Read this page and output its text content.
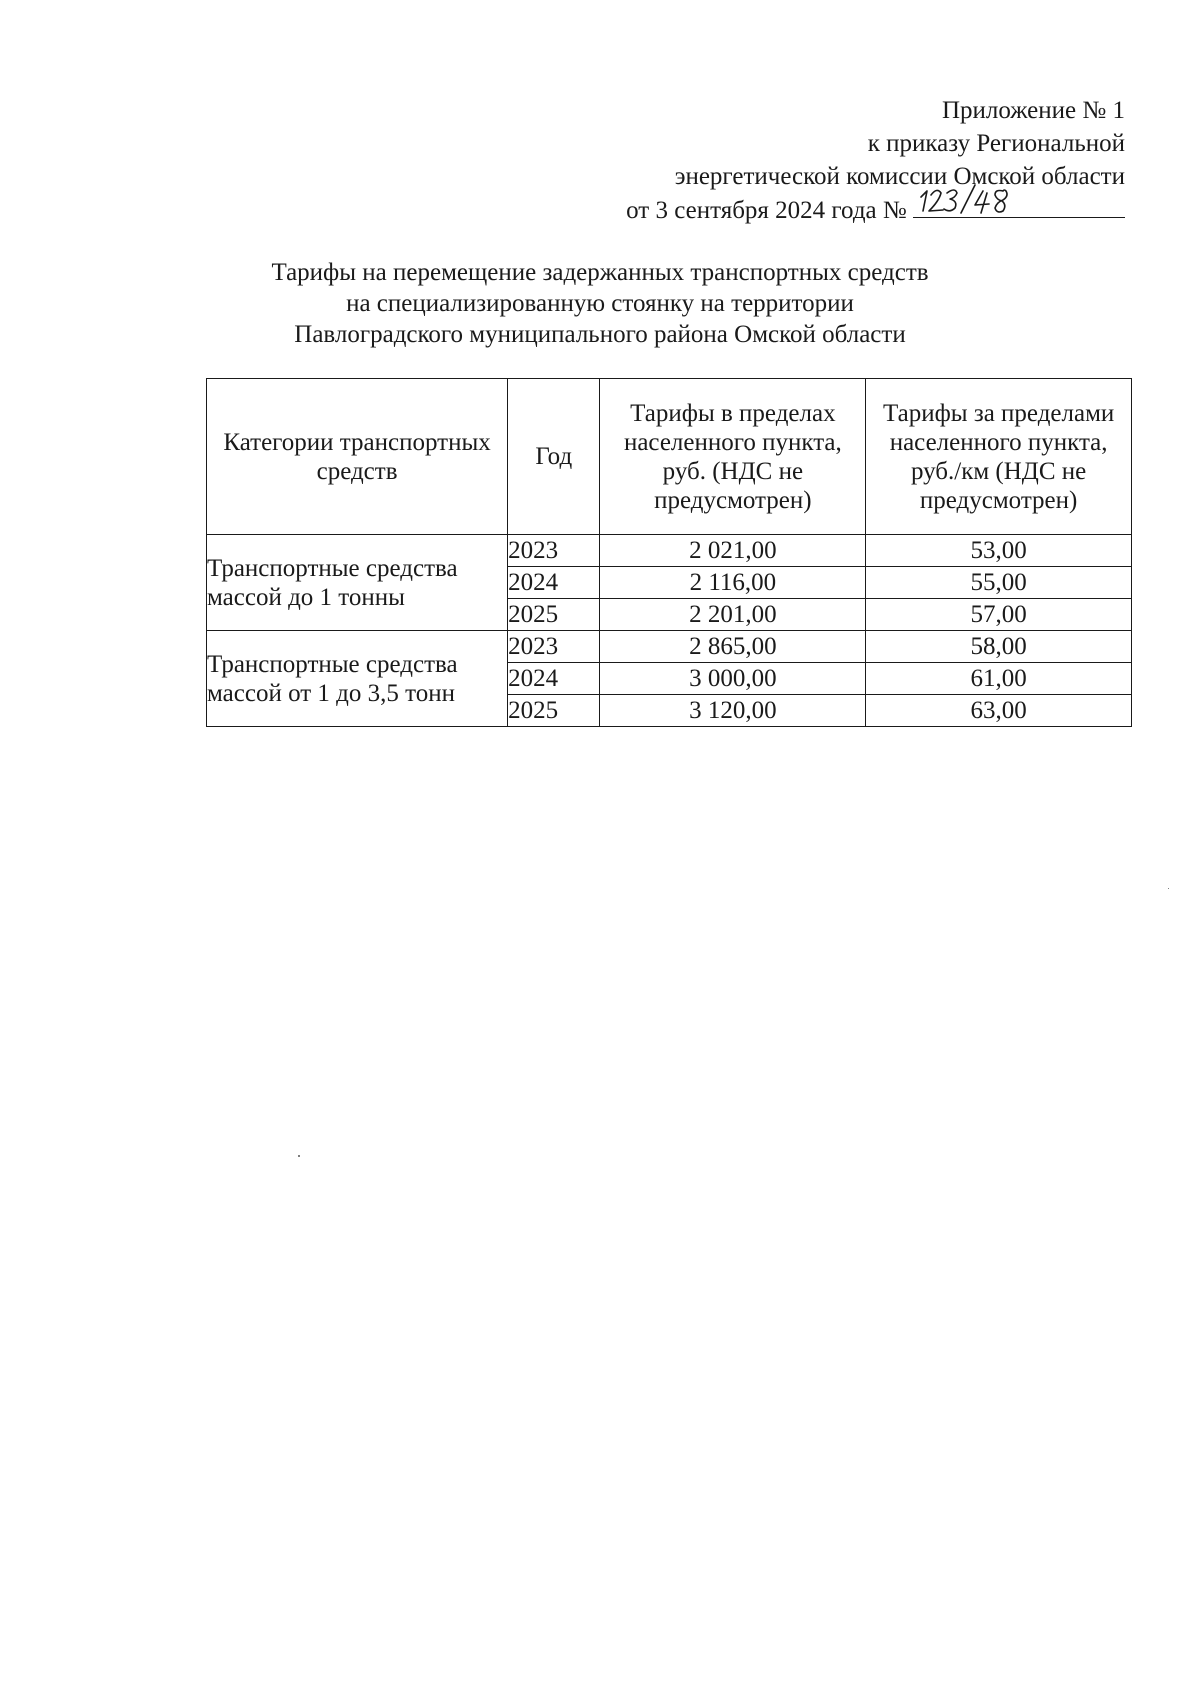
Приложение № 1
к приказу Региональной
энергетической комиссии Омской области
от 3 сентября 2024 года №
Тарифы на перемещение задержанных транспортных средств
на специализированную стоянку на территории
Павлоградского муниципального района Омской области
Категории транспортных средств	Год	Тарифы в пределах населенного пункта, руб. (НДС не предусмотрен)	Тарифы за пределами населенного пункта, руб./км (НДС не предусмотрен)

Транспортные средства массой до 1 тонны	2023	2 021,00	53,00
	2024	2 116,00	55,00
	2025	2 201,00	57,00
Транспортные средства массой от 1 до 3,5 тонн	2023	2 865,00	58,00
	2024	3 000,00	61,00
	2025	3 120,00	63,00
